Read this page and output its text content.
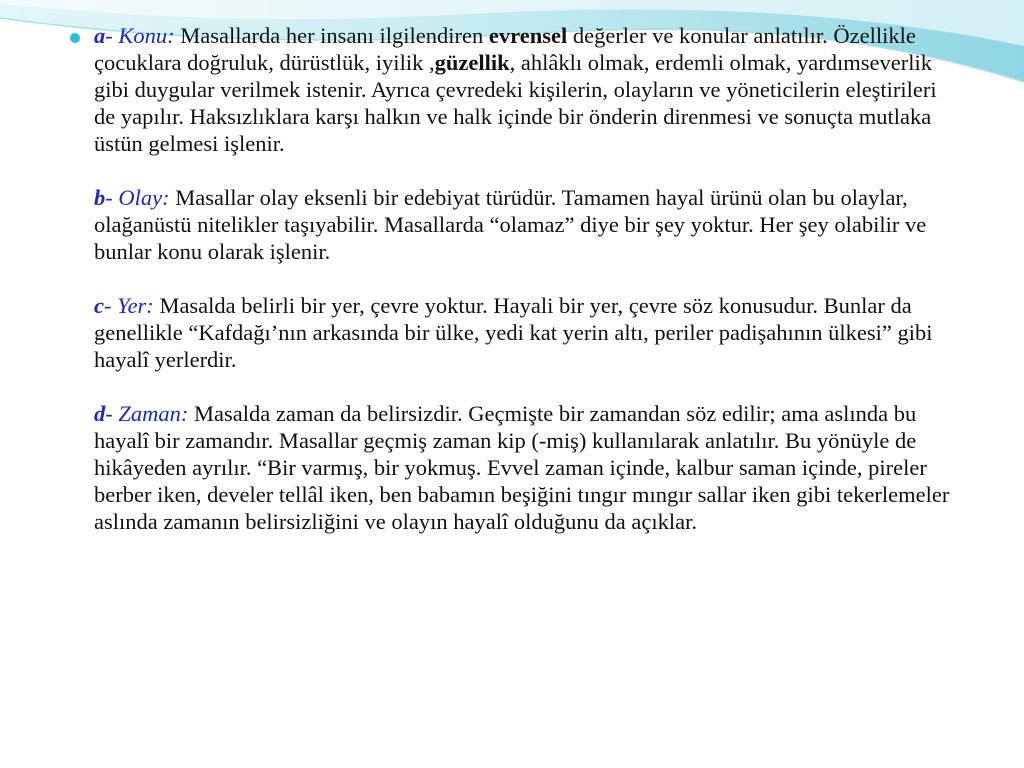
a- Konu: Masallarda her insanı ilgilendiren evrensel değerler ve konular anlatılır. Özellikle çocuklara doğruluk, dürüstlük, iyilik ,güzellik, ahlâklı olmak, erdemli olmak, yardımseverlik gibi duygular verilmek istenir. Ayrıca çevredeki kişilerin, olayların ve yöneticilerin eleştirileri de yapılır. Haksızlıklara karşı halkın ve halk içinde bir önderin direnmesi ve sonuçta mutlaka üstün gelmesi işlenir.
b- Olay: Masallar olay eksenli bir edebiyat türüdür. Tamamen hayal ürünü olan bu olaylar, olağanüstü nitelikler taşıyabilir. Masallarda “olamaz” diye bir şey yoktur. Her şey olabilir ve bunlar konu olarak işlenir.
c- Yer: Masalda belirli bir yer, çevre yoktur. Hayali bir yer, çevre söz konusudur. Bunlar da genellikle “Kafdağı’nın arkasında bir ülke, yedi kat yerin altı, periler padişahının ülkesi” gibi hayalî yerlerdir.
d- Zaman: Masalda zaman da belirsizdir. Geçmişte bir zamandan söz edilir; ama aslında bu hayalî bir zamandır. Masallar geçmiş zaman kip (-miş) kullanılarak anlatılır. Bu yönüyle de hikâyeden ayrılır. “Bir varmış, bir yokmuş. Evvel zaman içinde, kalbur saman içinde, pireler berber iken, develer tellâl iken, ben babamın beşiğini tıngır mıngır sallar iken gibi tekerlemeler aslında zamanın belirsizliğini ve olayın hayalî olduğunu da açıklar.
